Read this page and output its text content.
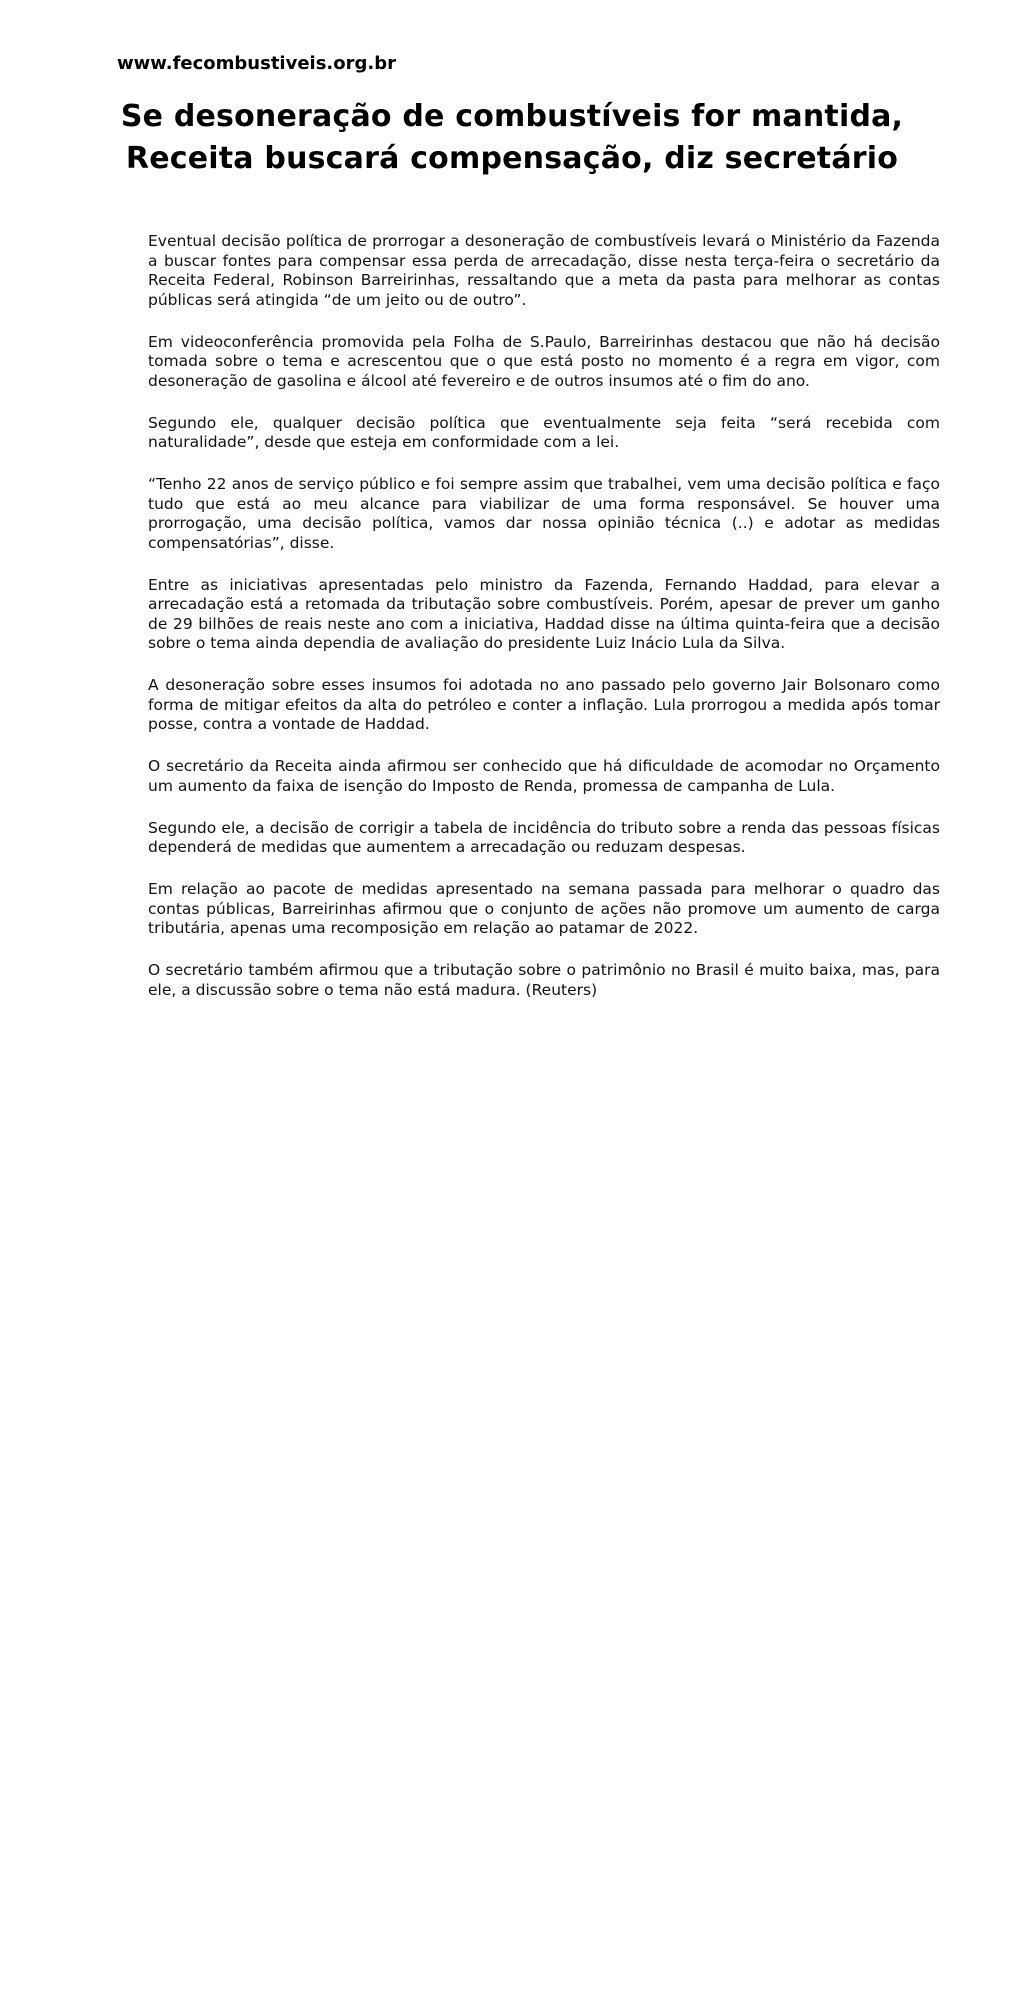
www.fecombustiveis.org.br
Se desoneração de combustíveis for mantida,
Receita buscará compensação, diz secretário

Eventual decisão política de prorrogar a desoneração de combustíveis levará o Ministério da Fazenda a buscar fontes para compensar essa perda de arrecadação, disse nesta terça-feira o secretário da Receita Federal, Robinson Barreirinhas, ressaltando que a meta da pasta para melhorar as contas públicas será atingida “de um jeito ou de outro”.

Em videoconferência promovida pela Folha de S.Paulo, Barreirinhas destacou que não há decisão tomada sobre o tema e acrescentou que o que está posto no momento é a regra em vigor, com desoneração de gasolina e álcool até fevereiro e de outros insumos até o fim do ano.

Segundo ele, qualquer decisão política que eventualmente seja feita “será recebida com naturalidade”, desde que esteja em conformidade com a lei.

“Tenho 22 anos de serviço público e foi sempre assim que trabalhei, vem uma decisão política e faço tudo que está ao meu alcance para viabilizar de uma forma responsável. Se houver uma prorrogação, uma decisão política, vamos dar nossa opinião técnica (..) e adotar as medidas compensatórias”, disse.

Entre as iniciativas apresentadas pelo ministro da Fazenda, Fernando Haddad, para elevar a arrecadação está a retomada da tributação sobre combustíveis. Porém, apesar de prever um ganho de 29 bilhões de reais neste ano com a iniciativa, Haddad disse na última quinta-feira que a decisão sobre o tema ainda dependia de avaliação do presidente Luiz Inácio Lula da Silva.

A desoneração sobre esses insumos foi adotada no ano passado pelo governo Jair Bolsonaro como forma de mitigar efeitos da alta do petróleo e conter a inflação. Lula prorrogou a medida após tomar posse, contra a vontade de Haddad.

O secretário da Receita ainda afirmou ser conhecido que há dificuldade de acomodar no Orçamento um aumento da faixa de isenção do Imposto de Renda, promessa de campanha de Lula.

Segundo ele, a decisão de corrigir a tabela de incidência do tributo sobre a renda das pessoas físicas dependerá de medidas que aumentem a arrecadação ou reduzam despesas.

Em relação ao pacote de medidas apresentado na semana passada para melhorar o quadro das contas públicas, Barreirinhas afirmou que o conjunto de ações não promove um aumento de carga tributária, apenas uma recomposição em relação ao patamar de 2022.

O secretário também afirmou que a tributação sobre o patrimônio no Brasil é muito baixa, mas, para ele, a discussão sobre o tema não está madura. (Reuters)
